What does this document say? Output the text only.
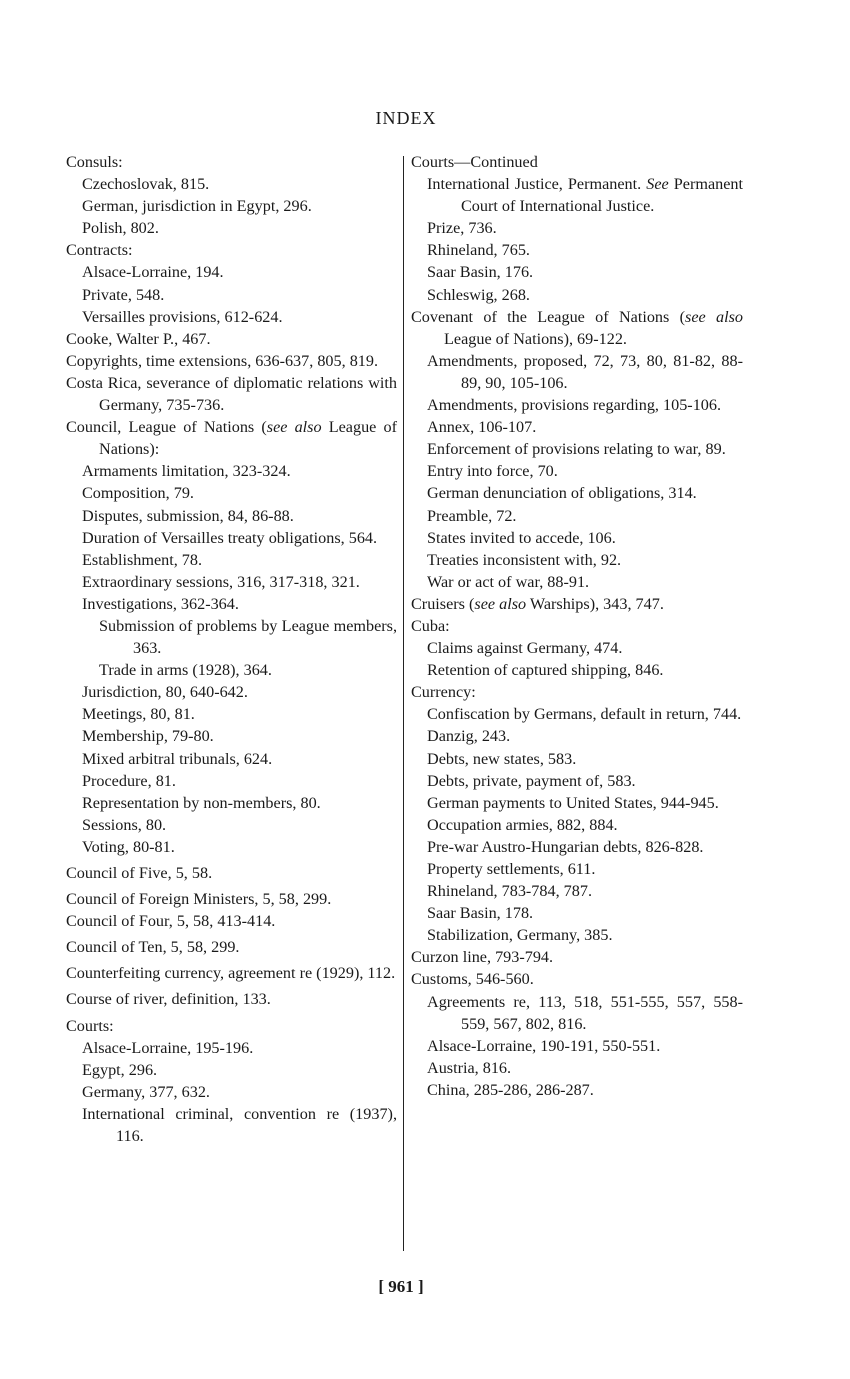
INDEX
Consuls:
Czechoslovak, 815.
German, jurisdiction in Egypt, 296.
Polish, 802.
Contracts:
Alsace-Lorraine, 194.
Private, 548.
Versailles provisions, 612-624.
Cooke, Walter P., 467.
Copyrights, time extensions, 636-637, 805, 819.
Costa Rica, severance of diplomatic relations with Germany, 735-736.
Council, League of Nations (see also League of Nations):
Armaments limitation, 323-324.
Composition, 79.
Disputes, submission, 84, 86-88.
Duration of Versailles treaty obligations, 564.
Establishment, 78.
Extraordinary sessions, 316, 317-318, 321.
Investigations, 362-364.
Submission of problems by League members, 363.
Trade in arms (1928), 364.
Jurisdiction, 80, 640-642.
Meetings, 80, 81.
Membership, 79-80.
Mixed arbitral tribunals, 624.
Procedure, 81.
Representation by non-members, 80.
Sessions, 80.
Voting, 80-81.
Council of Five, 5, 58.
Council of Foreign Ministers, 5, 58, 299.
Council of Four, 5, 58, 413-414.
Council of Ten, 5, 58, 299.
Counterfeiting currency, agreement re (1929), 112.
Course of river, definition, 133.
Courts:
Alsace-Lorraine, 195-196.
Egypt, 296.
Germany, 377, 632.
International criminal, convention re (1937), 116.
Courts—Continued
International Justice, Permanent. See Permanent Court of International Justice.
Prize, 736.
Rhineland, 765.
Saar Basin, 176.
Schleswig, 268.
Covenant of the League of Nations (see also League of Nations), 69-122.
Amendments, proposed, 72, 73, 80, 81-82, 88-89, 90, 105-106.
Amendments, provisions regarding, 105-106.
Annex, 106-107.
Enforcement of provisions relating to war, 89.
Entry into force, 70.
German denunciation of obligations, 314.
Preamble, 72.
States invited to accede, 106.
Treaties inconsistent with, 92.
War or act of war, 88-91.
Cruisers (see also Warships), 343, 747.
Cuba:
Claims against Germany, 474.
Retention of captured shipping, 846.
Currency:
Confiscation by Germans, default in return, 744.
Danzig, 243.
Debts, new states, 583.
Debts, private, payment of, 583.
German payments to United States, 944-945.
Occupation armies, 882, 884.
Pre-war Austro-Hungarian debts, 826-828.
Property settlements, 611.
Rhineland, 783-784, 787.
Saar Basin, 178.
Stabilization, Germany, 385.
Curzon line, 793-794.
Customs, 546-560.
Agreements re, 113, 518, 551-555, 557, 558-559, 567, 802, 816.
Alsace-Lorraine, 190-191, 550-551.
Austria, 816.
China, 285-286, 286-287.
[ 961 ]
